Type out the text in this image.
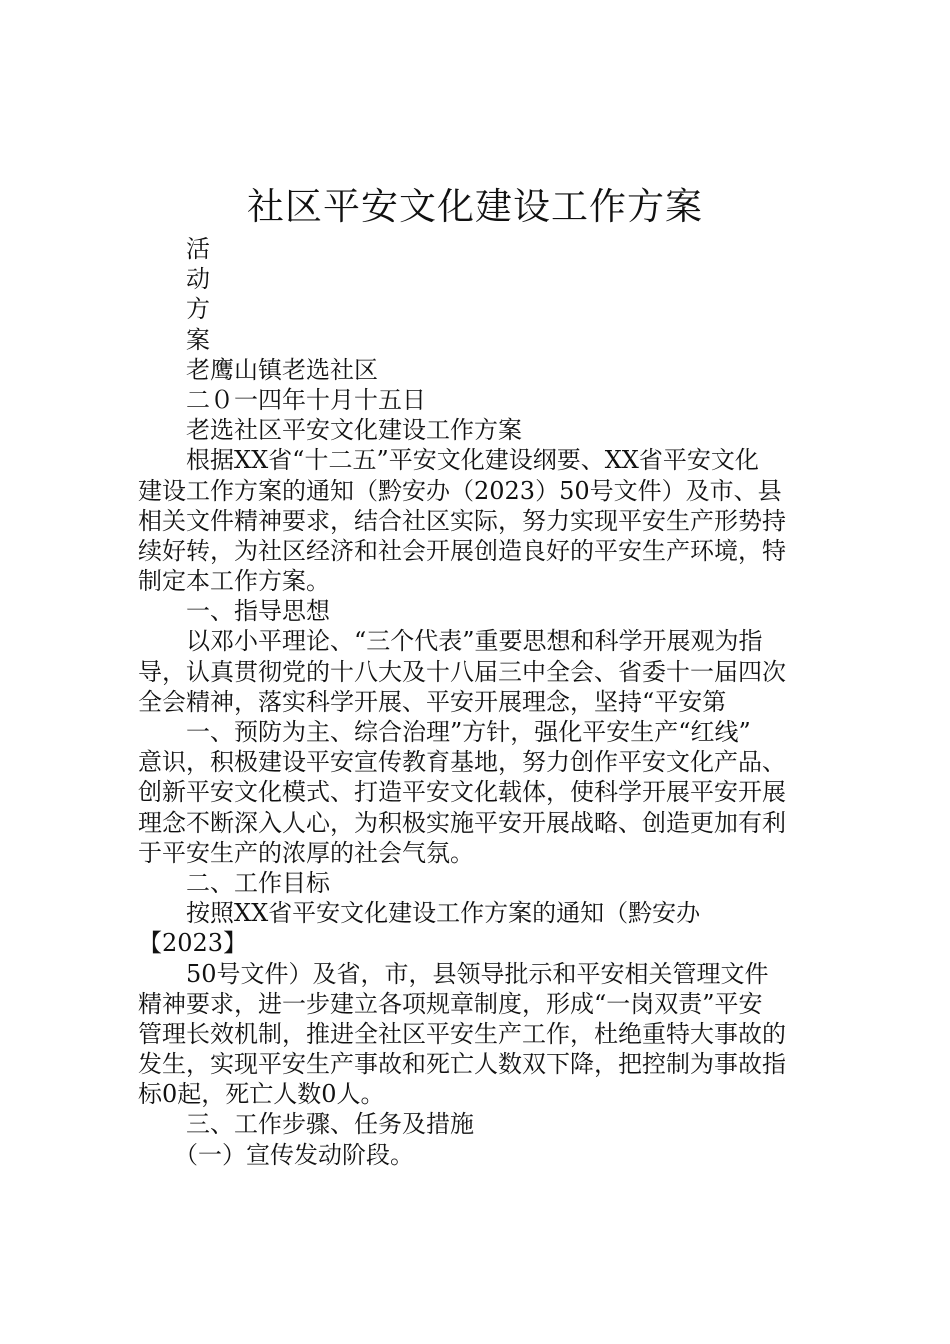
社区平安文化建设工作方案
活
动
方
案
老鹰山镇老选社区
二０一四年十月十五日
老选社区平安文化建设工作方案
根据XX省“十二五”平安文化建设纲要、XX省平安文化
建设工作方案的通知（黔安办（2023）50号文件）及市、县
相关文件精神要求，结合社区实际，努力实现平安生产形势持
续好转，为社区经济和社会开展创造良好的平安生产环境，特
制定本工作方案。
一、指导思想
以邓小平理论、“三个代表”重要思想和科学开展观为指
导，认真贯彻党的十八大及十八届三中全会、省委十一届四次
全会精神，落实科学开展、平安开展理念，坚持“平安第
一、预防为主、综合治理”方针，强化平安生产“红线”
意识，积极建设平安宣传教育基地，努力创作平安文化产品、
创新平安文化模式、打造平安文化载体，使科学开展平安开展
理念不断深入人心，为积极实施平安开展战略、创造更加有利
于平安生产的浓厚的社会气氛。
二、工作目标
按照XX省平安文化建设工作方案的通知（黔安办
【2023】
50号文件）及省，市，县领导批示和平安相关管理文件
精神要求，进一步建立各项规章制度，形成“一岗双责”平安
管理长效机制，推进全社区平安生产工作，杜绝重特大事故的
发生，实现平安生产事故和死亡人数双下降，把控制为事故指
标0起，死亡人数0人。
三、工作步骤、任务及措施
（一）宣传发动阶段。
